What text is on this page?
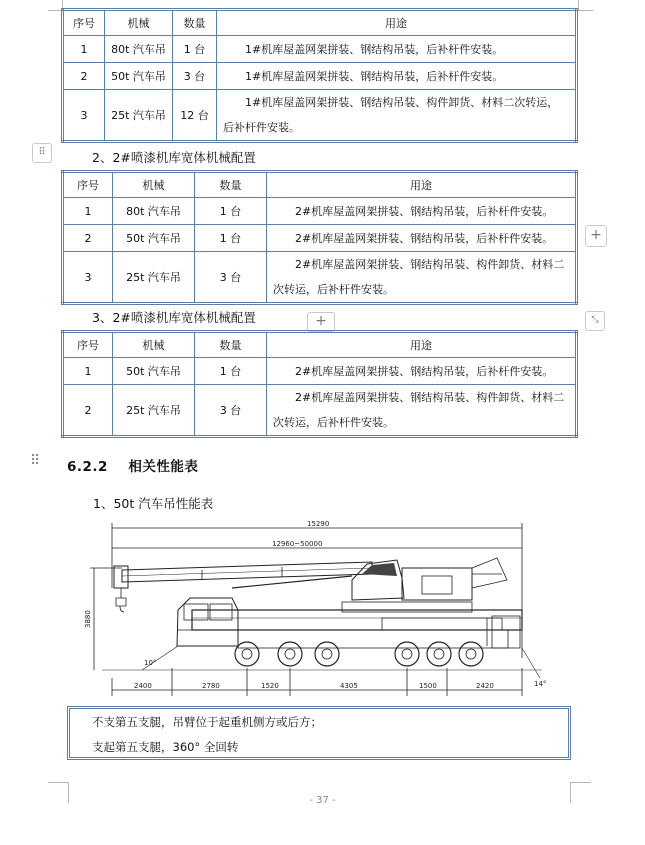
序号	机械	数量	用途
1	80t 汽车吊	1 台	1#机库屋盖网架拼装、钢结构吊装，后补杆件安装。
2	50t 汽车吊	3 台	1#机库屋盖网架拼装、钢结构吊装，后补杆件安装。
3	25t 汽车吊	12 台	1#机库屋盖网架拼装、钢结构吊装、构件卸货、材料二次转运，
后补杆件安装。
⠿	2、2#喷漆机库宽体机械配置
序号	机械	数量	用途
1	80t 汽车吊	1 台	2#机库屋盖网架拼装、钢结构吊装，后补杆件安装。
2	50t 汽车吊	1 台	2#机库屋盖网架拼装、钢结构吊装，后补杆件安装。
3	25t 汽车吊	3 台	2#机库屋盖网架拼装、钢结构吊装、构件卸货、材料二
次转运，后补杆件安装。
+
+	⤡
3、2#喷漆机库宽体机械配置
序号	机械	数量	用途
1	50t 汽车吊	1 台	2#机库屋盖网架拼装、钢结构吊装，后补杆件安装。
2	25t 汽车吊	3 台	2#机库屋盖网架拼装、钢结构吊装、构件卸货、材料二
次转运，后补杆件安装。
⠿ 6.2.2 相关性能表
1、50t 汽车吊性能表
15290
12960~50000
3880
10°
14°
2400	2780	1520	4305	1500	2420
不支第五支腿，吊臂位于起重机侧方或后方；
支起第五支腿，360° 全回转
- 37 -
